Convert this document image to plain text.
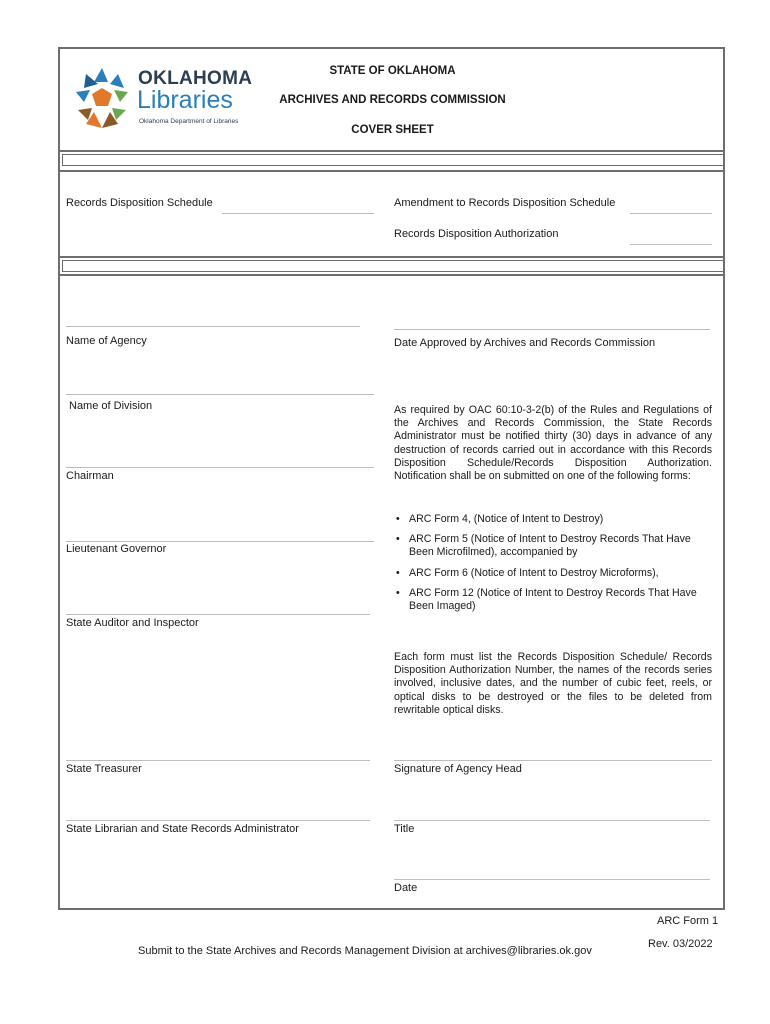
OKLAHOMA
Libraries
Oklahoma Department of Libraries
STATE OF OKLAHOMA
ARCHIVES AND RECORDS COMMISSION
COVER SHEET
Records Disposition Schedule	Amendment to Records Disposition Schedule
Records Disposition Authorization
Name of Agency
Name of Division
Chairman
Lieutenant Governor
State Auditor and Inspector
State Treasurer
State Librarian and State Records Administrator
Date Approved by Archives and Records Commission
As required by OAC 60:10-3-2(b) of the Rules and Regulations of the Archives and Records Commission, the State Records Administrator must be notified thirty (30) days in advance of any destruction of records carried out in accordance with this Records Disposition Schedule/Records Disposition Authorization. Notification shall be on submitted on one of the following forms:
• ARC Form 4, (Notice of Intent to Destroy)
• ARC Form 5 (Notice of Intent to Destroy Records That Have Been Microfilmed), accompanied by
• ARC Form 6 (Notice of Intent to Destroy Microforms),
• ARC Form 12 (Notice of Intent to Destroy Records That Have Been Imaged)
Each form must list the Records Disposition Schedule/ Records Disposition Authorization Number, the names of the records series involved, inclusive dates, and the number of cubic feet, reels, or optical disks to be destroyed or the files to be deleted from rewritable optical disks.
Signature of Agency Head
Title
Date
ARC Form 1
Rev. 03/2022
Submit to the State Archives and Records Management Division at archives@libraries.ok.gov
